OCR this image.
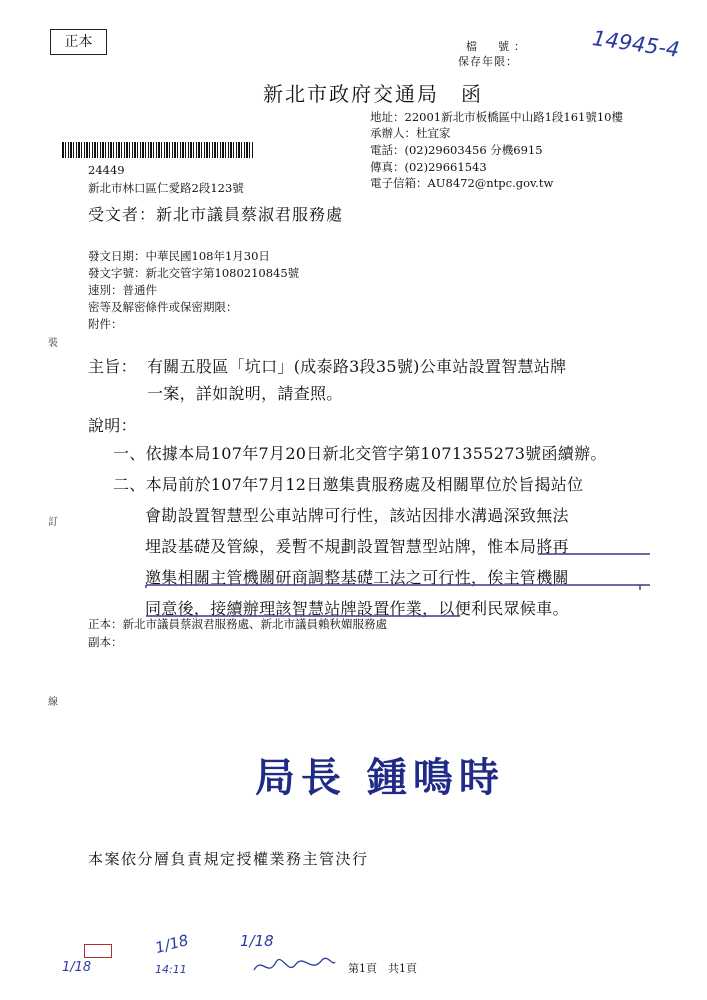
正本	檔　號：
保存年限：	14945-4
新北市政府交通局　函
地址：22001新北市板橋區中山路1段161號10樓
承辦人：杜宜家
電話：(02)29603456 分機6915
傳真：(02)29661543
電子信箱：AU8472@ntpc.gov.tw
24449
新北市林口區仁愛路2段123號
受文者：新北市議員蔡淑君服務處
發文日期：中華民國108年1月30日
發文字號：新北交管字第1080210845號
速別：普通件
密等及解密條件或保密期限：
附件：
主旨： 有關五股區「坑口」(成泰路3段35號)公車站設置智慧站牌
一案，詳如說明，請查照。
說明：
一、依據本局107年7月20日新北交管字第1071355273號函續辦。
二、本局前於107年7月12日邀集貴服務處及相關單位於旨揭站位
會勘設置智慧型公車站牌可行性，該站因排水溝過深致無法
埋設基礎及管線，爰暫不規劃設置智慧型站牌，惟本局將再
邀集相關主管機關研商調整基礎工法之可行性，俟主管機關
同意後，接續辦理該智慧站牌設置作業，以便利民眾候車。
正本：新北市議員蔡淑君服務處、新北市議員賴秋媚服務處
副本：
裝
訂
線
局長 鍾鳴時
本案依分層負責規定授權業務主管決行
1/18
1/18
14:11
1/18
第1頁　共1頁
